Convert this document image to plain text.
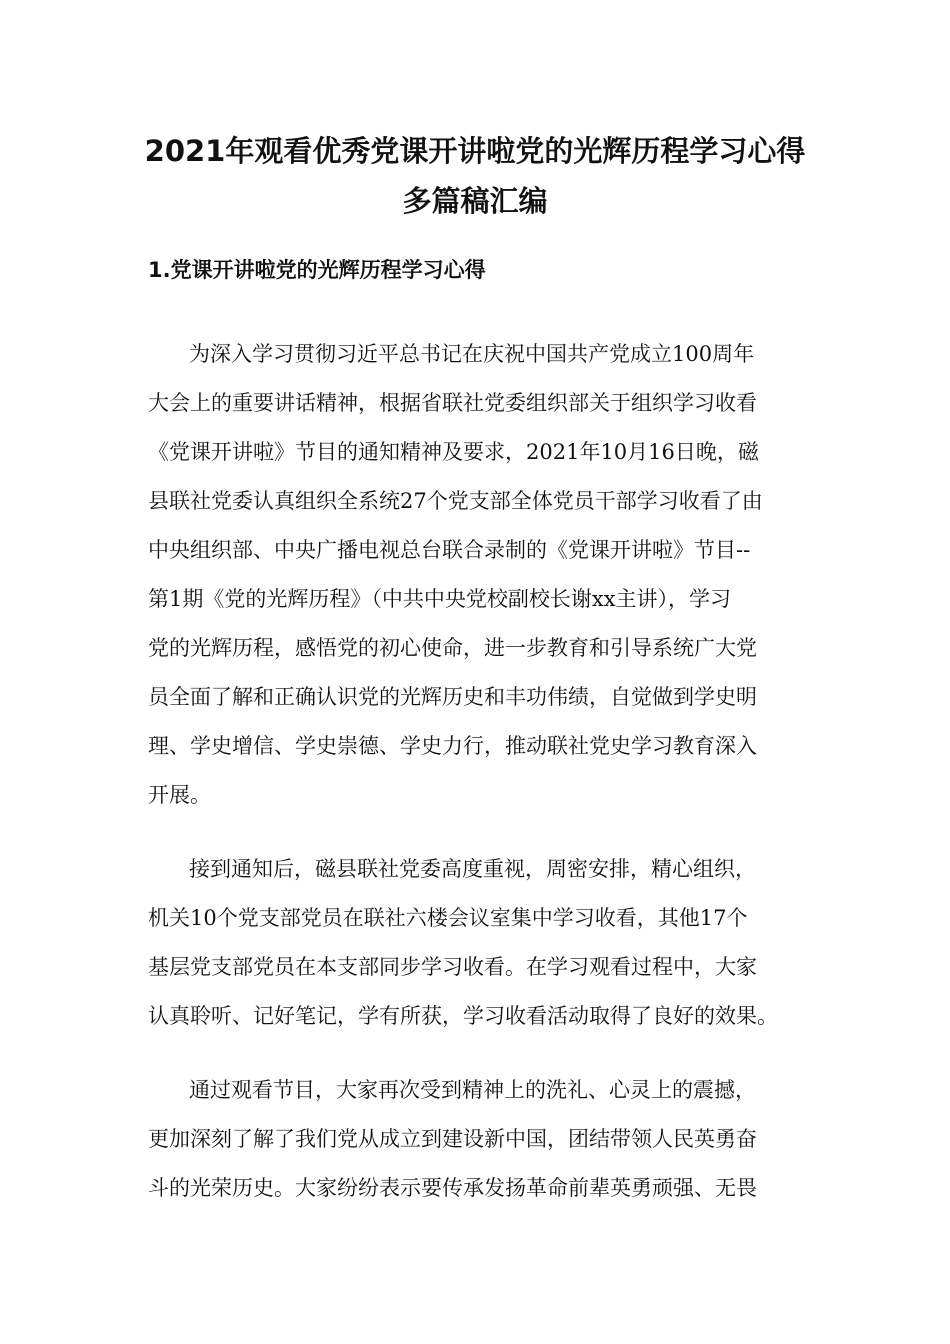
2021年观看优秀党课开讲啦党的光辉历程学习心得
多篇稿汇编
1.党课开讲啦党的光辉历程学习心得
为深入学习贯彻习近平总书记在庆祝中国共产党成立100周年
大会上的重要讲话精神，根据省联社党委组织部关于组织学习收看
《党课开讲啦》节目的通知精神及要求，2021年10月16日晚，磁
县联社党委认真组织全系统27个党支部全体党员干部学习收看了由
中央组织部、中央广播电视总台联合录制的《党课开讲啦》节目--
第1期《党的光辉历程》（中共中央党校副校长谢xx主讲），学习
党的光辉历程，感悟党的初心使命，进一步教育和引导系统广大党
员全面了解和正确认识党的光辉历史和丰功伟绩，自觉做到学史明
理、学史增信、学史崇德、学史力行，推动联社党史学习教育深入
开展。
接到通知后，磁县联社党委高度重视，周密安排，精心组织，
机关10个党支部党员在联社六楼会议室集中学习收看，其他17个
基层党支部党员在本支部同步学习收看。在学习观看过程中，大家
认真聆听、记好笔记，学有所获，学习收看活动取得了良好的效果。
通过观看节目，大家再次受到精神上的洗礼、心灵上的震撼，
更加深刻了解了我们党从成立到建设新中国，团结带领人民英勇奋
斗的光荣历史。大家纷纷表示要传承发扬革命前辈英勇顽强、无畏
